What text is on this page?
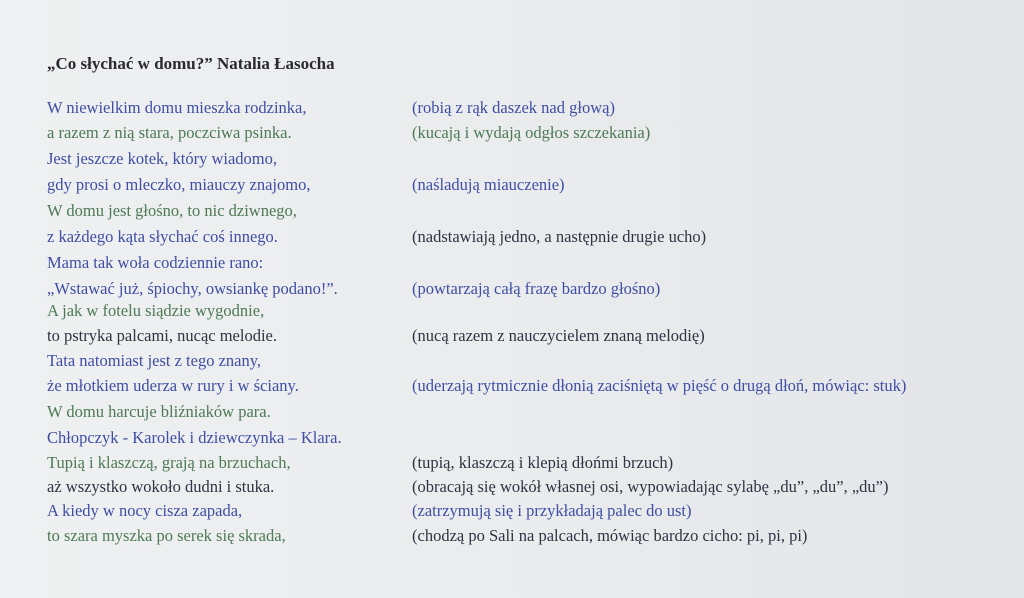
„Co słychać w domu?” Natalia Łasocha
W niewielkim domu mieszka rodzinka,
a razem z nią stara, poczciwa psinka.
Jest jeszcze kotek, który wiadomo,
gdy prosi o mleczko, miauczy znajomo,
W domu jest głośno, to nic dziwnego,
z każdego kąta słychać coś innego.
Mama tak woła codziennie rano:
„Wstawać już, śpiochy, owsiankę podano!”.
A jak w fotelu siądzie wygodnie,
to pstryka palcami, nucąc melodie.
Tata natomiast jest z tego znany,
że młotkiem uderza w rury i w ściany.
W domu harcuje bliźniaków para.
Chłopczyk - Karolek i dziewczynka – Klara.
Tupią i klaszczą, grają na brzuchach,
aż wszystko wokoło dudni i stuka.
A kiedy w nocy cisza zapada,
to szara myszka po serek się skrada,
(robią z rąk daszek nad głową)
(kucają i wydają odgłos szczekania)
(naśladują miauczenie)
(nadstawiają jedno, a następnie drugie ucho)
(powtarzają całą frazę bardzo głośno)
(nucą razem z nauczycielem znaną melodię)
(uderzają rytmicznie dłonią zaciśniętą w pięść o drugą dłoń, mówiąc: stuk)
(tupią, klaszczą i klepią dłońmi brzuch)
(obracają się wokół własnej osi, wypowiadając sylabę „du”, „du”, „du”)
(zatrzymują się i przykładają palec do ust)
(chodzą po Sali na palcach, mówiąc bardzo cicho: pi, pi, pi)
